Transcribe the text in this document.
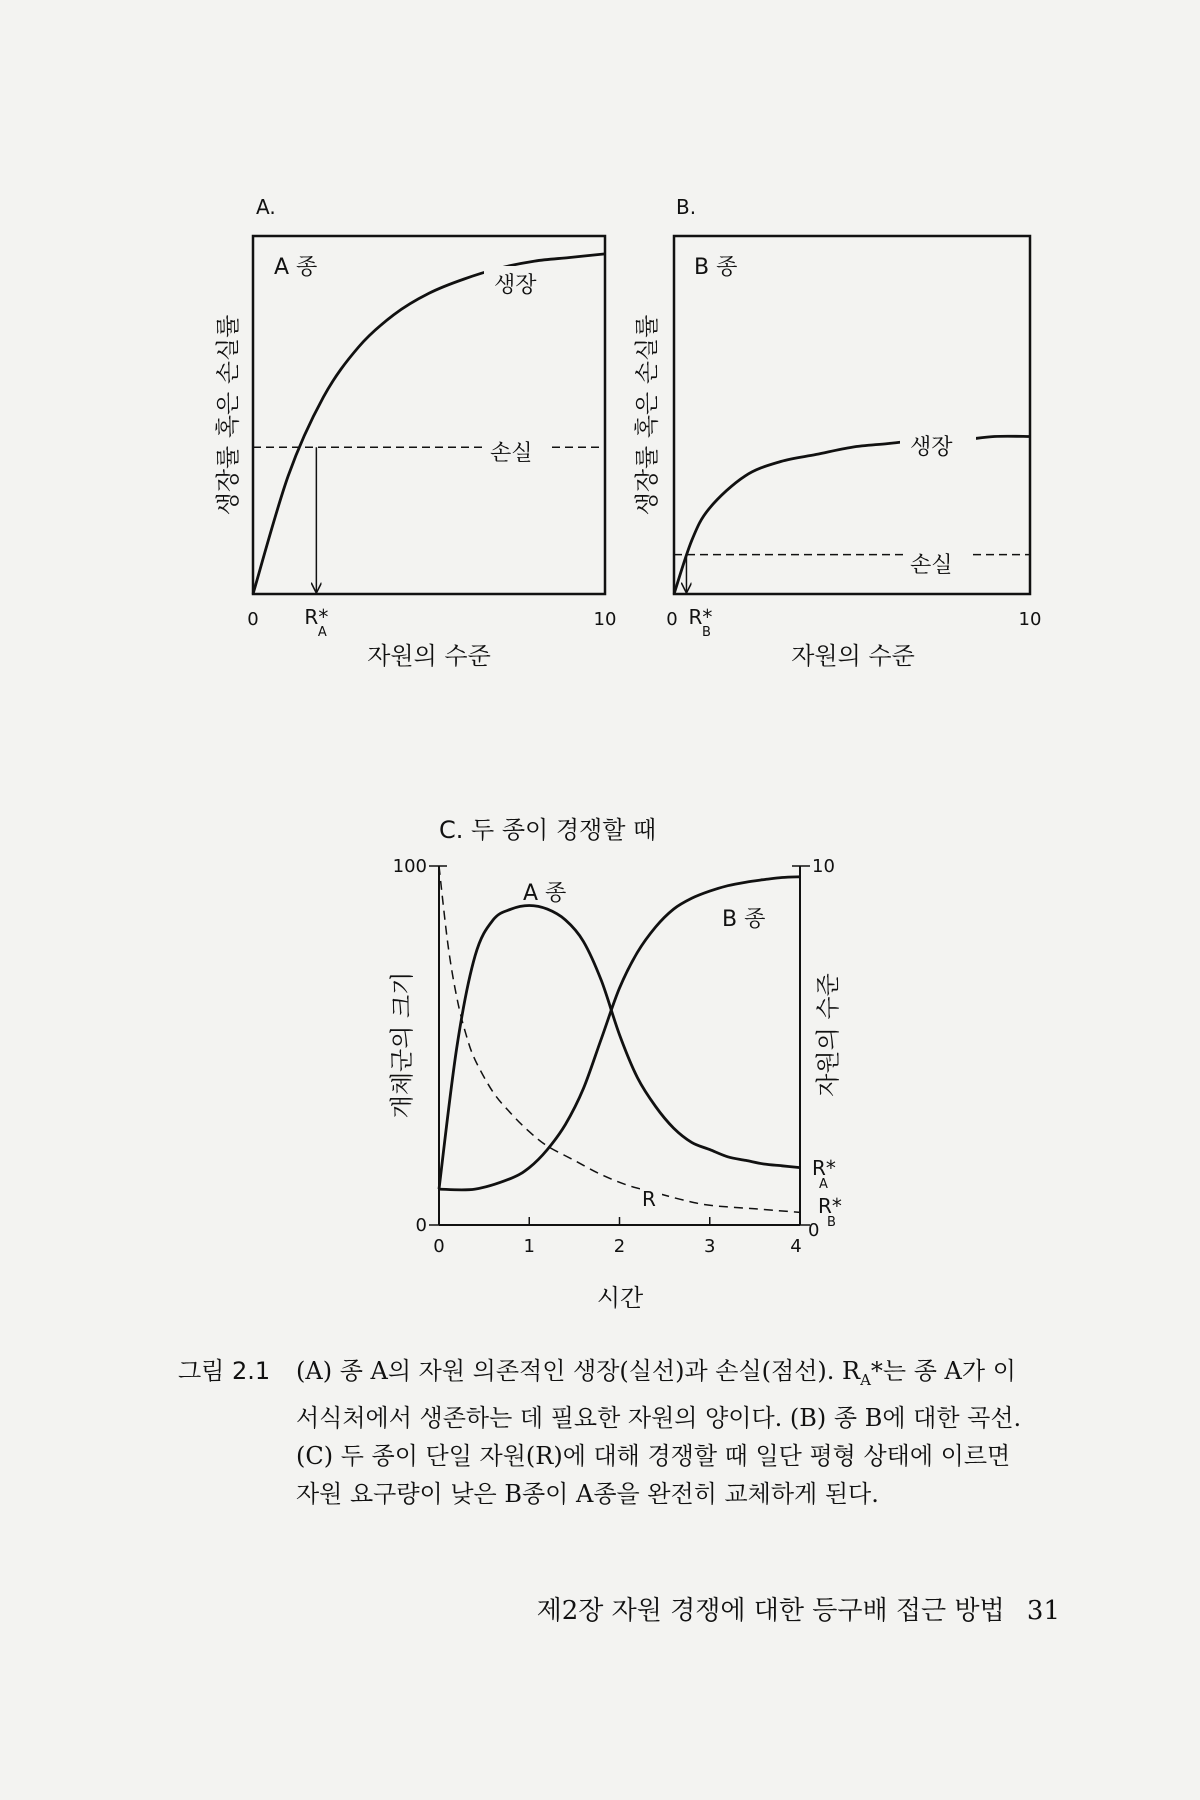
A.
A 종
생장률 혹은 손실률
자원의 수준
0	10
생장
손실
R*
A
B.
B 종
생장률 혹은 손실률
자원의 수준
0	10
생장
손실
R*
B
C. 두 종이 경쟁할 때
0	1	2	3	4
100
0
10
0
개체군의 크기	자원의 수준
시간
A 종
B 종
R
R*
A
R*
B
그림 2.1	(A) 종 A의 자원 의존적인 생장(실선)과 손실(점선). $R_A*$는 종 A가 이

서식처에서 생존하는 데 필요한 자원의 양이다. (B) 종 B에 대한 곡선.

(C) 두 종이 단일 자원(R)에 대해 경쟁할 때 일단 평형 상태에 이르면

자원 요구량이 낮은 B종이 A종을 완전히 교체하게 된다.

제2장 자원 경쟁에 대한 등구배 접근 방법 31
